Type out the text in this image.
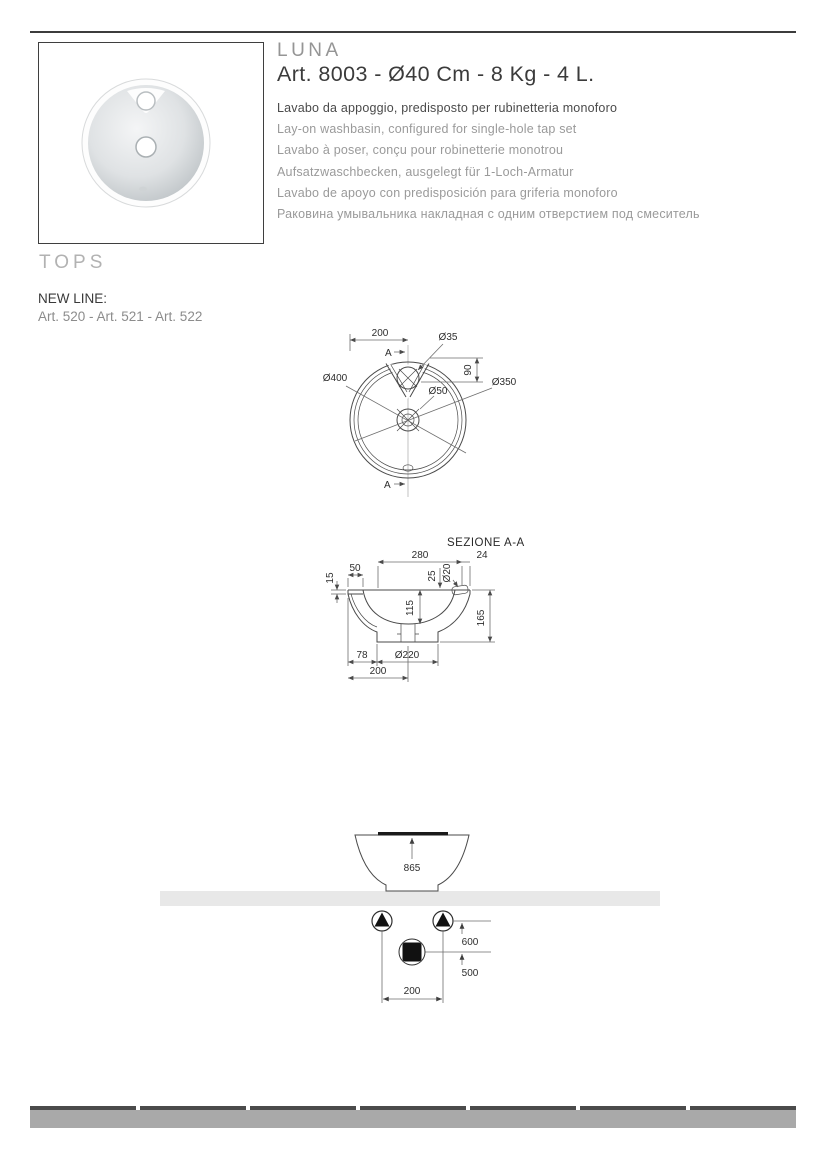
LUNA
Art. 8003 - Ø40 Cm - 8 Kg - 4 L.
Lavabo da appoggio, predisposto per rubinetteria monoforo
Lay-on washbasin, configured for single-hole tap set
Lavabo à poser, conçu pour robinetterie monotrou
Aufsatzwaschbecken, ausgelegt für 1-Loch-Armatur
Lavabo de apoyo con predisposición para griferia monoforo
Раковина умывальника накладная с одним отверстием под смеситель
TOPS
NEW LINE:
Art. 520 - Art. 521 - Art. 522
200
A
90
Ø35
Ø400	Ø350
Ø50
A
SEZIONE A-A
280	24
50
15	25 Ø20
115
165
78	Ø220
200
865
600
500
200
